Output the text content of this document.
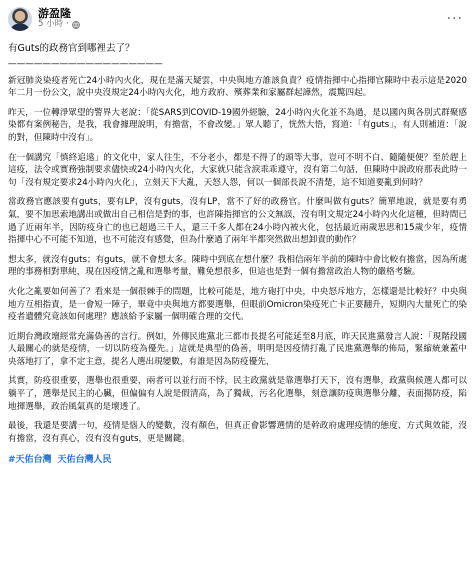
游盈隆
5 小時 ·	···
有Guts的政務官到哪裡去了？
——————————————————

新冠肺炎染疫者死亡24小時內火化，現在是滿天疑雲，中央與地方誰該負責？疫情指揮中心指揮官陳時中表示這是2020年二月一份公文，說中央沒規定24小時內火化，地方政府、殯葬業和家屬群起譁然，震驚四起。

昨天，一位轉淨眾望的警界大老說：「從SARS到COVID-19國外經驗，24小時內火化並不為過，是以國內與各別式群聚感染都有案例秘告，是我，我會據理說明，有擔當，不會改變。」眾人聽了，恍然大悟，寫道：「有guts」，有人則補道：「說的對，但陳時中沒有」。

在一個講究「慎終追遠」的文化中，家人往生，不分老小，都是不得了的頭等大事，豈可不明不白、隨隨便便？至於趕上這疫，法令或實務強制要求儘快或24小時內火化，大家就只能含淚乖乖遵守，沒有第二句話，但陳時中說政府那表此時一句「沒有規定要求24小時內火化」，立刻天下大亂，天怒人怨，何以一個部長說不清楚，這不知道要亂到何時？

當政務官應該要有guts，要有LP，沒有guts，沒有LP，當不了好的政務官。什麼叫做有guts？簡單地說，就是要有勇氣，要不加思索地講出或做出自己相信是對的事，也許陳指揮官的公文無誤，沒有明文規定24小時內火化這種，但時間已過了近兩年半，因防疫身亡的也已超過三千人，還三千多人都在24小時內被火化，包括最近兩歲思思和15歲少年，疫情指揮中心不可能不知道，也不可能沒有感覺，但為什麼過了兩年半都突然做出想卸責的動作？

想太多，就沒有guts；有guts，就不會想太多。陳時中到底在想什麼？我相信兩年半前的陳時中會比較有擔當，因為所處理的事務相對單純，現在因疫情之亂和選舉考量，難免想很多，但這也是對一個有擔當政治人物的嚴格考驗。

火化之亂要如何善了？看來是一個很棘手的問題，比較可能是，地方砲打中央，中央怒斥地方，怎樣還是比較好？中央與地方互相指責，是一會短一陣子，畢竟中央與地方都要選舉，但眼前Omicron染疫死亡卡正要翻升，短期內大量死亡的染疫者遺體究竟該如何處理？應該給予家屬一個明確合理的交代。

近期台灣政壇經常充滿偽善的言行。例如，外傳民進黨北三都市長提名可能延至8月底，昨天民進黨發言人說：「現階段國人最關心的就是疫情，一切以防疫為優先。」這就是典型的偽善，明明是因疫情打亂了民進黨選舉的佈局，緊縮統兼蓋中央落地打了，拿不定主意，提名人選出現變數，有誰是因為防疫優先，

其實，防疫很重要，選舉也很重要，兩者可以並行而不悖，民主政黨就是靠選舉打天下，沒有選舉，政黨與候選人都可以躺平了，選舉是民主的心臟，但偏偏有人說是假清高，為了獨裁，污名化選舉，刻意讓防疫與選舉分離，表面揚防疫，陷地揮選舉，政治風氣真的是壞透了。

最後，我還是要講一句，疫情是惱人的變數，沒有顏色，但真正會影響選情的是幹政府處理疫情的態度、方式與效能，沒有擔當，沒有真心，沒有沒有guts，更是關鍵。

#天佑台灣 天佑台灣人民
